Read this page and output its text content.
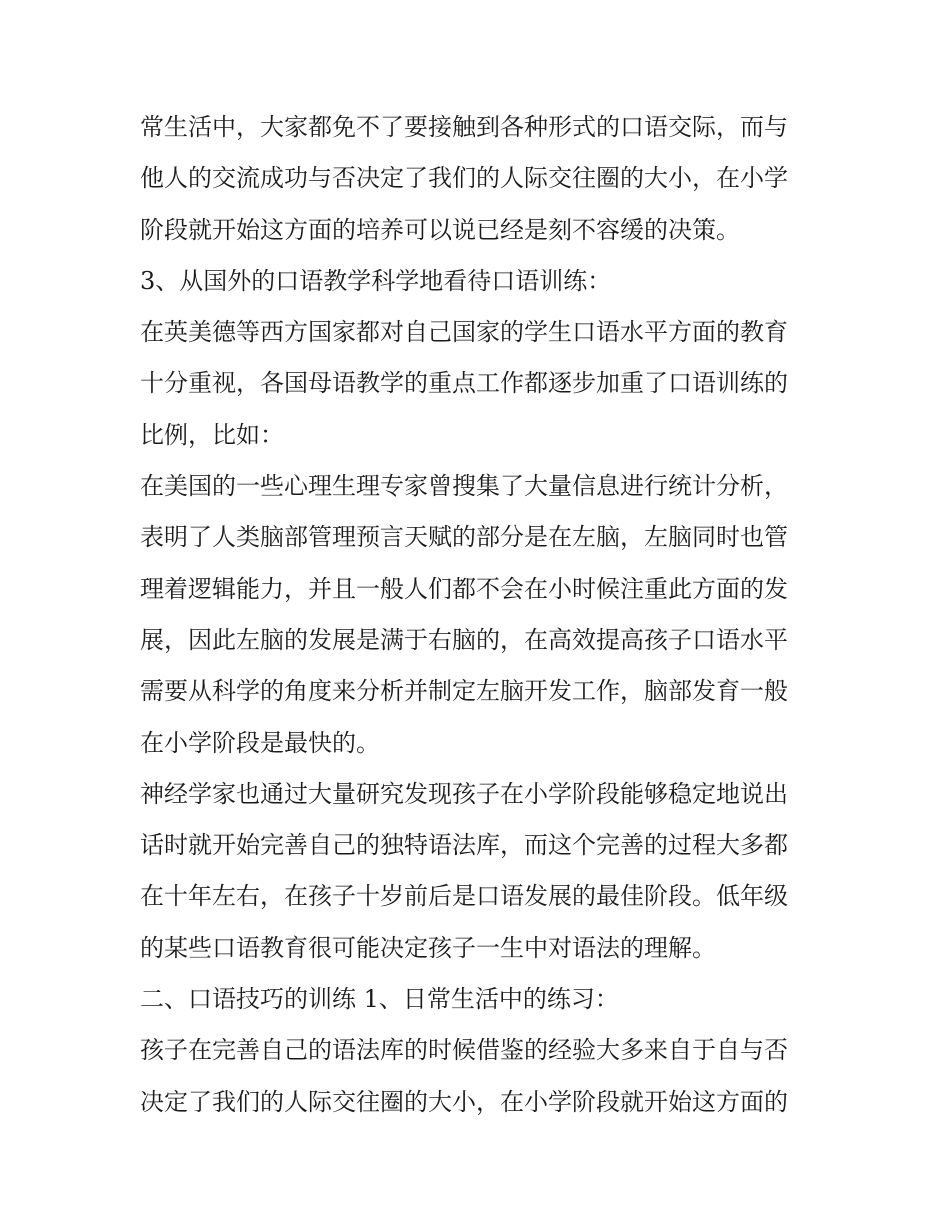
常生活中，大家都免不了要接触到各种形式的口语交际，而与
他人的交流成功与否决定了我们的人际交往圈的大小，在小学
阶段就开始这方面的培养可以说已经是刻不容缓的决策。
3、从国外的口语教学科学地看待口语训练：
在英美德等西方国家都对自己国家的学生口语水平方面的教育
十分重视，各国母语教学的重点工作都逐步加重了口语训练的
比例，比如：
在美国的一些心理生理专家曾搜集了大量信息进行统计分析，
表明了人类脑部管理预言天赋的部分是在左脑，左脑同时也管
理着逻辑能力，并且一般人们都不会在小时候注重此方面的发
展，因此左脑的发展是满于右脑的，在高效提高孩子口语水平
需要从科学的角度来分析并制定左脑开发工作，脑部发育一般
在小学阶段是最快的。
神经学家也通过大量研究发现孩子在小学阶段能够稳定地说出
话时就开始完善自己的独特语法库，而这个完善的过程大多都
在十年左右，在孩子十岁前后是口语发展的最佳阶段。低年级
的某些口语教育很可能决定孩子一生中对语法的理解。
二、口语技巧的训练 1、日常生活中的练习：
孩子在完善自己的语法库的时候借鉴的经验大多来自于自与否
决定了我们的人际交往圈的大小，在小学阶段就开始这方面的
